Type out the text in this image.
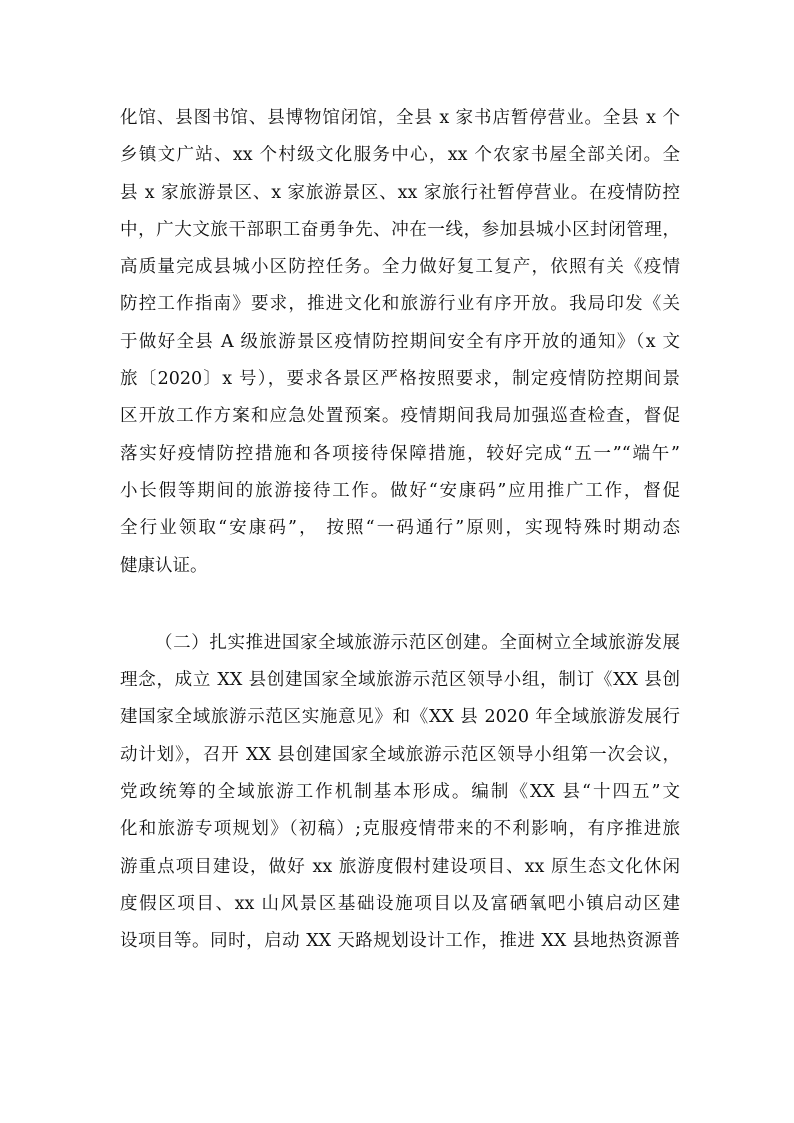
化馆、县图书馆、县博物馆闭馆，全县 x 家书店暂停营业。全县 x 个
乡镇文广站、xx 个村级文化服务中心，xx 个农家书屋全部关闭。全
县 x 家旅游景区、x 家旅游景区、xx 家旅行社暂停营业。在疫情防控
中，广大文旅干部职工奋勇争先、冲在一线，参加县城小区封闭管理，
高质量完成县城小区防控任务。全力做好复工复产，依照有关《疫情
防控工作指南》要求，推进文化和旅游行业有序开放。我局印发《关
于做好全县 A 级旅游景区疫情防控期间安全有序开放的通知》（x 文
旅〔2020〕x 号），要求各景区严格按照要求，制定疫情防控期间景
区开放工作方案和应急处置预案。疫情期间我局加强巡查检查，督促
落实好疫情防控措施和各项接待保障措施，较好完成“五一”“端午”
小长假等期间的旅游接待工作。做好“安康码”应用推广工作，督促
全行业领取“安康码”， 按照“一码通行”原则，实现特殊时期动态
健康认证。
（二）扎实推进国家全域旅游示范区创建。全面树立全域旅游发展
理念，成立 XX 县创建国家全域旅游示范区领导小组，制订《XX 县创
建国家全域旅游示范区实施意见》和《XX 县 2020 年全域旅游发展行
动计划》，召开 XX 县创建国家全域旅游示范区领导小组第一次会议，
党政统筹的全域旅游工作机制基本形成。编制《XX 县“十四五”文
化和旅游专项规划》（初稿）;克服疫情带来的不利影响，有序推进旅
游重点项目建设，做好 xx 旅游度假村建设项目、xx 原生态文化休闲
度假区项目、xx 山风景区基础设施项目以及富硒氧吧小镇启动区建
设项目等。同时，启动 XX 天路规划设计工作，推进 XX 县地热资源普
